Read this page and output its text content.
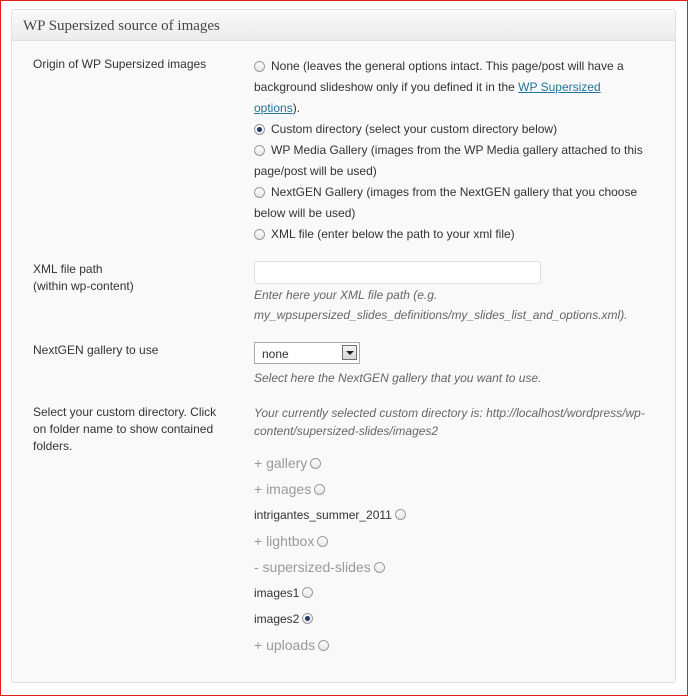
WP Supersized source of images
Origin of WP Supersized images	None (leaves the general options intact. This page/post will have a
background slideshow only if you defined it in the WP Supersized
options).
Custom directory (select your custom directory below)
WP Media Gallery (images from the WP Media gallery attached to this
page/post will be used)
NextGEN Gallery (images from the NextGEN gallery that you choose
below will be used)
XML file (enter below the path to your xml file)
XML file path
(within wp-content)
Enter here your XML file path (e.g.
my_wpsupersized_slides_definitions/my_slides_list_and_options.xml).
NextGEN gallery to use	none
Select here the NextGEN gallery that you want to use.
Select your custom directory. Click
on folder name to show contained
folders.
Your currently selected custom directory is: http://localhost/wordpress/wp-
content/supersized-slides/images2
+ gallery
+ images
intrigantes_summer_2011
+ lightbox
- supersized-slides
images1
images2
+ uploads
